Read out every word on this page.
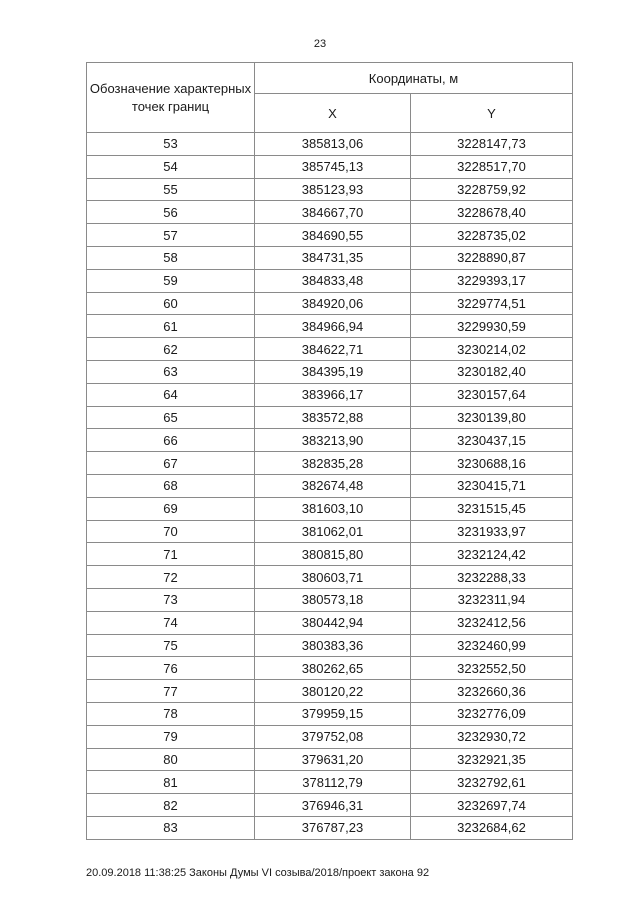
23
Обозначение характерных точек границ	Координаты, м	
	X	Y
53	385813,06	3228147,73
54	385745,13	3228517,70
55	385123,93	3228759,92
56	384667,70	3228678,40
57	384690,55	3228735,02
58	384731,35	3228890,87
59	384833,48	3229393,17
60	384920,06	3229774,51
61	384966,94	3229930,59
62	384622,71	3230214,02
63	384395,19	3230182,40
64	383966,17	3230157,64
65	383572,88	3230139,80
66	383213,90	3230437,15
67	382835,28	3230688,16
68	382674,48	3230415,71
69	381603,10	3231515,45
70	381062,01	3231933,97
71	380815,80	3232124,42
72	380603,71	3232288,33
73	380573,18	3232311,94
74	380442,94	3232412,56
75	380383,36	3232460,99
76	380262,65	3232552,50
77	380120,22	3232660,36
78	379959,15	3232776,09
79	379752,08	3232930,72
80	379631,20	3232921,35
81	378112,79	3232792,61
82	376946,31	3232697,74
83	376787,23	3232684,62
20.09.2018 11:38:25 Законы Думы VI созыва/2018/проект закона 92
